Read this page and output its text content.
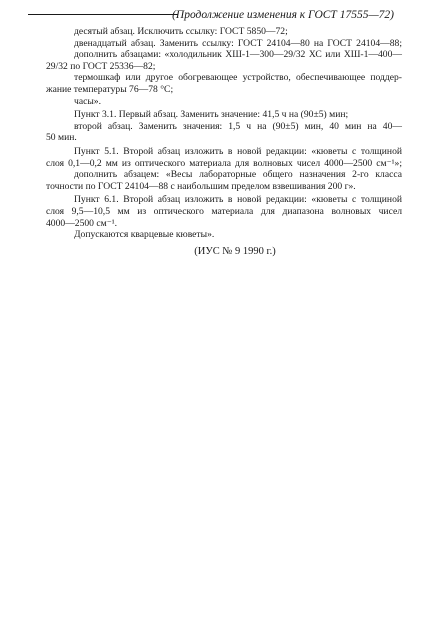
(Продолжение изменения к ГОСТ 17555—72)
десятый абзац. Исключить ссылку: ГОСТ 5850—72;
двенадцатый абзац. Заменить ссылку: ГОСТ 24104—80 на ГОСТ 24104—88;
дополнить абзацами: «холодильник ХШ-1—300—29/32 ХС или ХШ-1—400—
29/32 по ГОСТ 25336—82;
термошкаф или другое обогревающее устройство, обеспечивающее поддер-
жание температуры 76—78 °С;
часы».
Пункт 3.1. Первый абзац. Заменить значение: 41,5 ч на (90±5) мин;
второй абзац. Заменить значения: 1,5 ч на (90±5) мин, 40 мин на 40—
50 мин.
Пункт 5.1. Второй абзац изложить в новой редакции: «кюветы с толщиной
слоя 0,1—0,2 мм из оптического материала для волновых чисел 4000—2500 см⁻¹»;
дополнить абзацем: «Весы лабораторные общего назначения 2-го класса
точности по ГОСТ 24104—88 с наибольшим пределом взвешивания 200 г».
Пункт 6.1. Второй абзац изложить в новой редакции: «кюветы с толщиной
слоя 9,5—10,5 мм из оптического материала для диапазона волновых чисел
4000—2500 см⁻¹.
Допускаются кварцевые кюветы».
(ИУС № 9 1990 г.)
